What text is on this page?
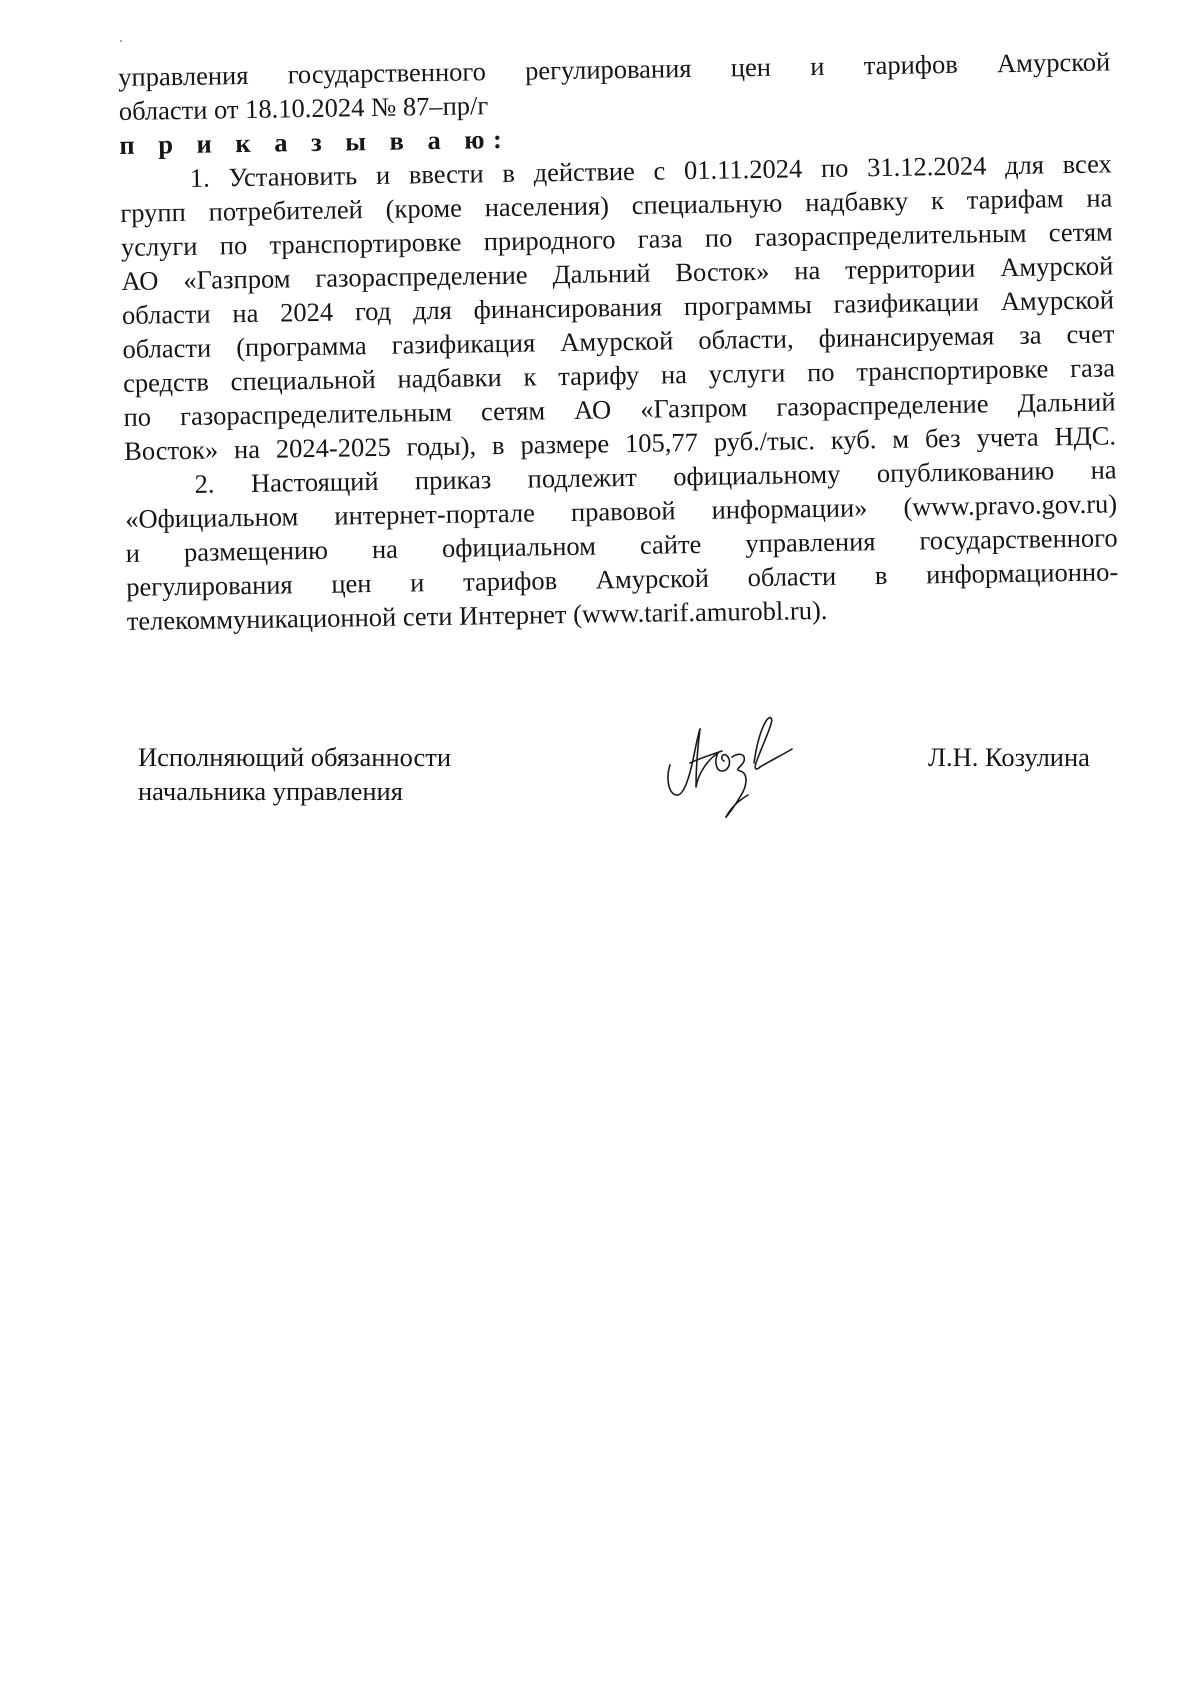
управления государственного регулирования цен и тарифов Амурской
области от 18.10.2024 № 87–пр/г
п р и к а з ы в а ю:
1. Установить и ввести в действие с 01.11.2024 по 31.12.2024 для всех
групп потребителей (кроме населения) специальную надбавку к тарифам на
услуги по транспортировке природного газа по газораспределительным сетям
АО «Газпром газораспределение Дальний Восток» на территории Амурской
области на 2024 год для финансирования программы газификации Амурской
области (программа газификация Амурской области, финансируемая за счет
средств специальной надбавки к тарифу на услуги по транспортировке газа
по газораспределительным сетям АО «Газпром газораспределение Дальний
Восток» на 2024-2025 годы), в размере 105,77 руб./тыс. куб. м без учета НДС.
2. Настоящий приказ подлежит официальному опубликованию на
«Официальном интернет-портале правовой информации» (www.pravo.gov.ru)
и размещению на официальном сайте управления государственного
регулирования цен и тарифов Амурской области в информационно-
телекоммуникационной сети Интернет (www.tarif.amurobl.ru).
Исполняющий обязанности
начальника управления
Л.Н. Козулина
